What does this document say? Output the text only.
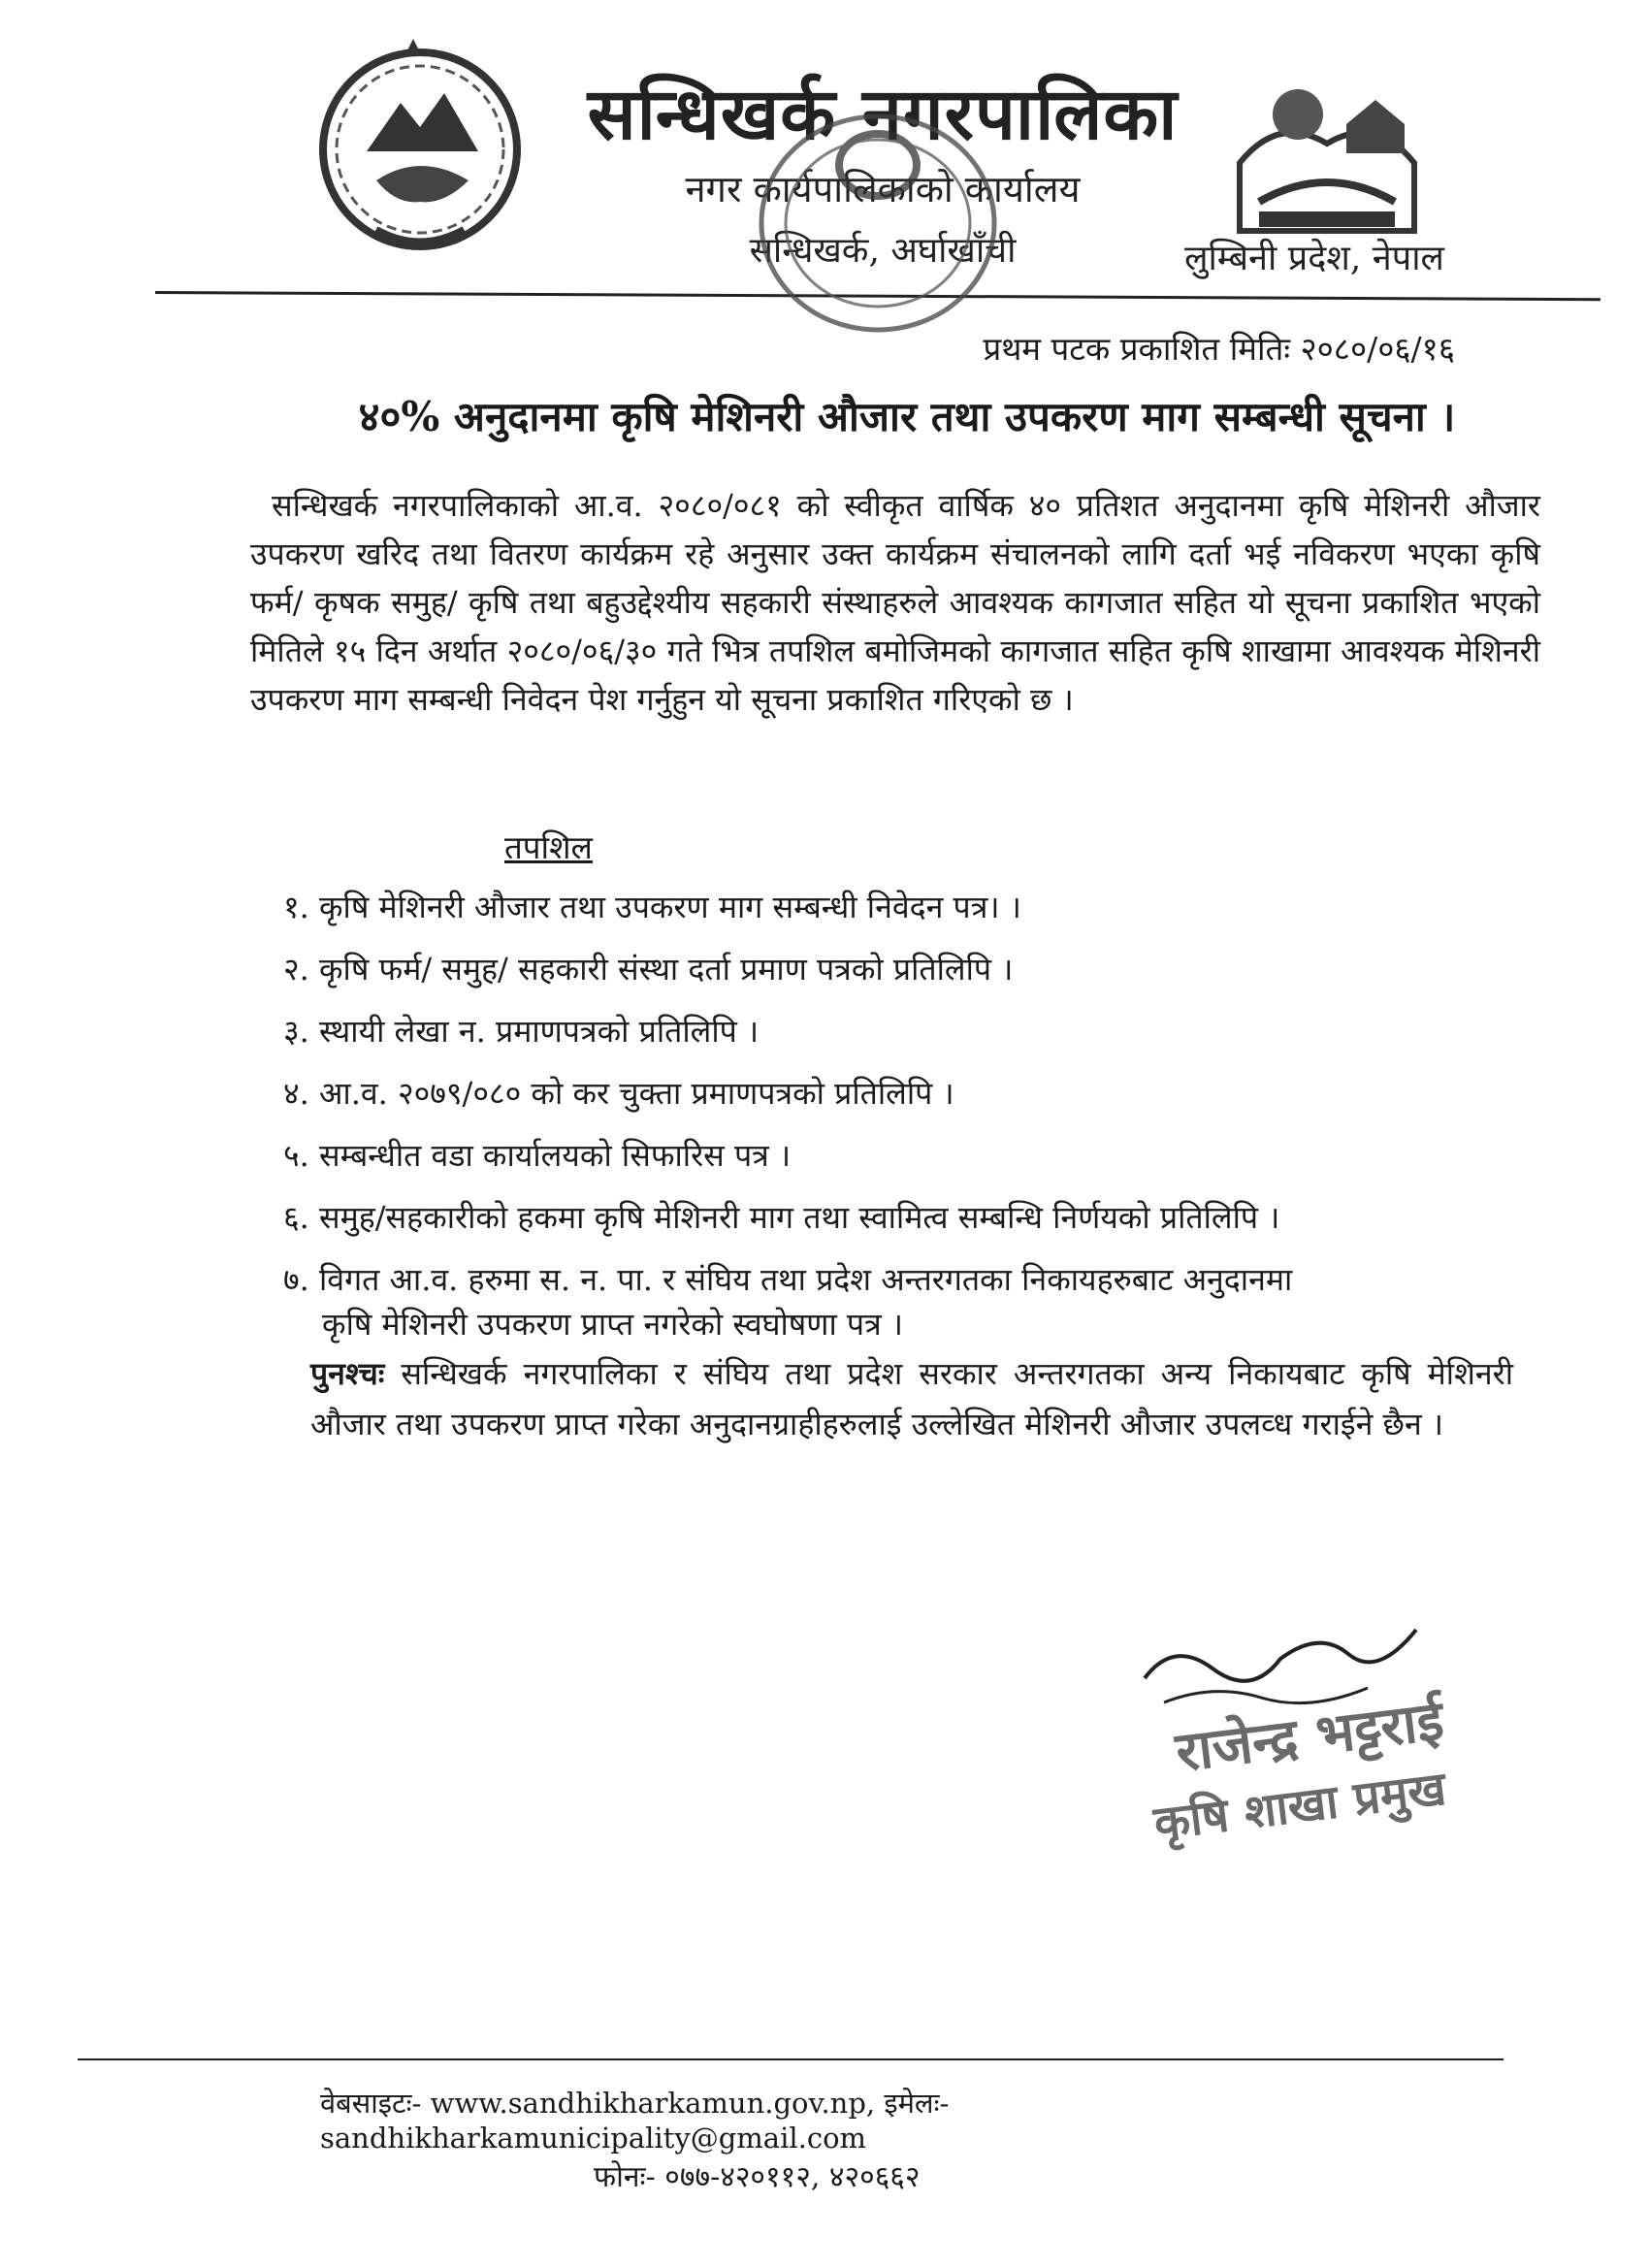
सन्धिखर्क नगरपालिका
नगर कार्यपालिकाको कार्यालय
सन्धिखर्क, अर्घाखाँची	लुम्बिनी प्रदेश, नेपाल
प्रथम पटक प्रकाशित मितिः २०८०/०६/१६
४०% अनुदानमा कृषि मेशिनरी औजार तथा उपकरण माग सम्बन्धी सूचना ।
सन्धिखर्क नगरपालिकाको आ.व. २०८०/०८१ को स्वीकृत वार्षिक ४० प्रतिशत अनुदानमा कृषि मेशिनरी औजार उपकरण खरिद तथा वितरण कार्यक्रम रहे अनुसार उक्त कार्यक्रम संचालनको लागि दर्ता भई नविकरण भएका कृषि फर्म/ कृषक समुह/ कृषि तथा बहुउद्देश्यीय सहकारी संस्थाहरुले आवश्यक कागजात सहित यो सूचना प्रकाशित भएको मितिले १५ दिन अर्थात २०८०/०६/३० गते भित्र तपशिल बमोजिमको कागजात सहित कृषि शाखामा आवश्यक मेशिनरी उपकरण माग सम्बन्धी निवेदन पेश गर्नुहुन यो सूचना प्रकाशित गरिएको छ ।
तपशिल
१. कृषि मेशिनरी औजार तथा उपकरण माग सम्बन्धी निवेदन पत्र। ।
२. कृषि फर्म/ समुह/ सहकारी संस्था दर्ता प्रमाण पत्रको प्रतिलिपि ।
३. स्थायी लेखा न. प्रमाणपत्रको प्रतिलिपि ।
४. आ.व. २०७९/०८० को कर चुक्ता प्रमाणपत्रको प्रतिलिपि ।
५. सम्बन्धीत वडा कार्यालयको सिफारिस पत्र ।
६. समुह/सहकारीको हकमा कृषि मेशिनरी माग तथा स्वामित्व सम्बन्धि निर्णयको प्रतिलिपि ।
७. विगत आ.व. हरुमा स. न. पा. र संघिय तथा प्रदेश अन्तरगतका निकायहरुबाट अनुदानमा
कृषि मेशिनरी उपकरण प्राप्त नगरेको स्वघोषणा पत्र ।
पुनश्चः सन्धिखर्क नगरपालिका र संघिय तथा प्रदेश सरकार अन्तरगतका अन्य निकायबाट कृषि मेशिनरी औजार तथा उपकरण प्राप्त गरेका अनुदानग्राहीहरुलाई उल्लेखित मेशिनरी औजार उपलव्ध गराईने छैन ।
राजेन्द्र भट्टराई
कृषि शाखा प्रमुख
वेबसाइटः- www.sandhikharkamun.gov.np, इमेलः- sandhikharkamunicipality@gmail.com
फोनः- ०७७-४२०११२, ४२०६६२
